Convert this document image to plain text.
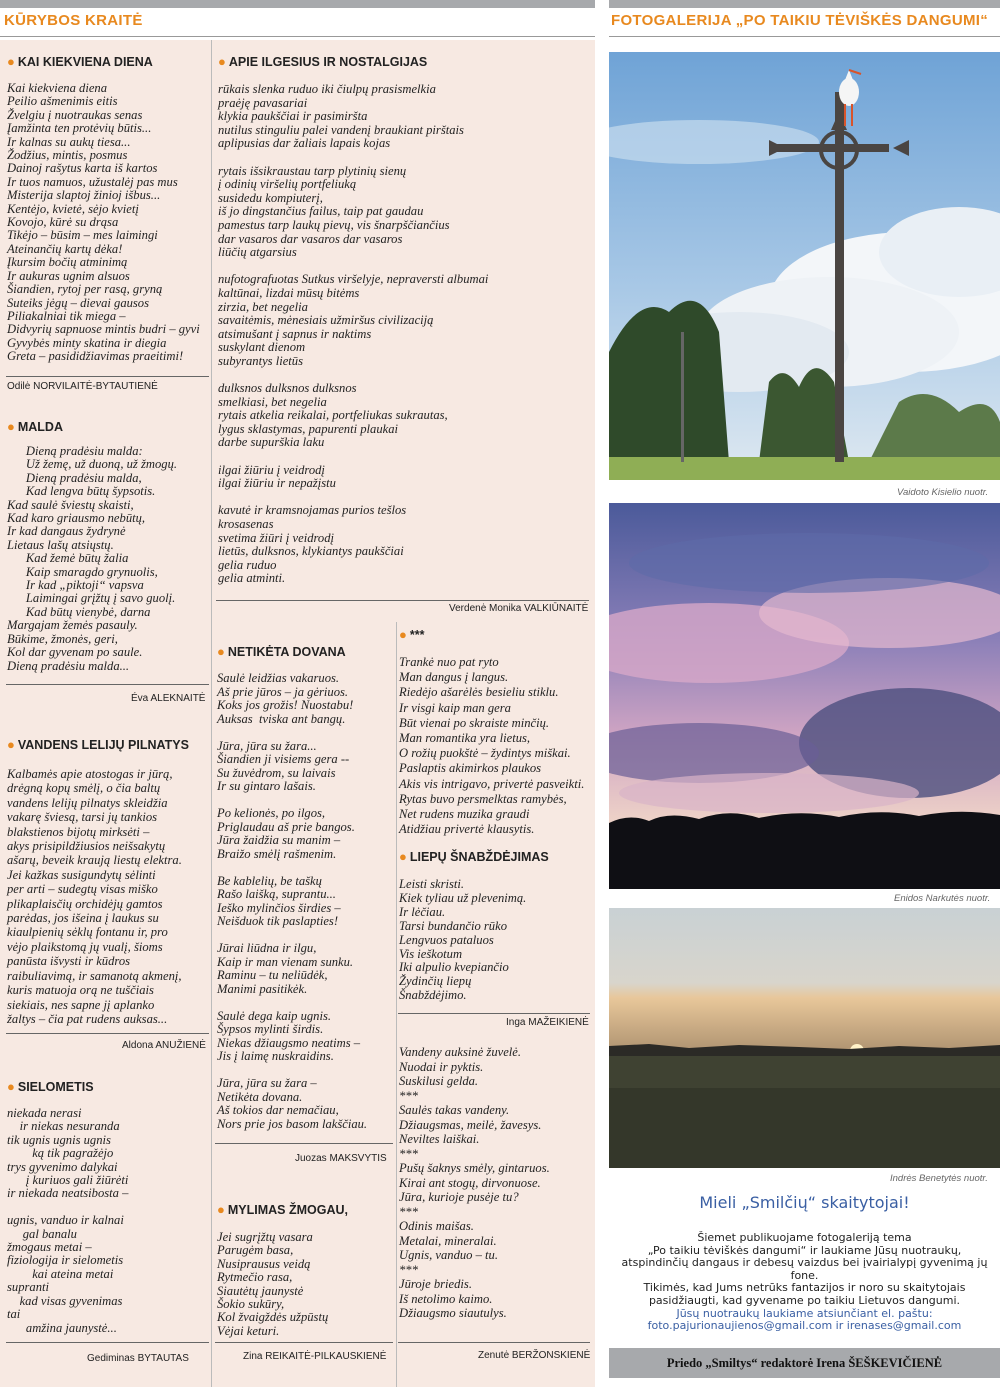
KŪRYBOS KRAITĖ	FOTOGALERIJA „PO TAIKIU TĖVIŠKĖS DANGUMI“
● KAI KIEKVIENA DIENA
Kai kiekviena diena
Peilio ašmenimis eitis
Žvelgiu į nuotraukas senas
Įamžinta ten protėvių būtis...
Ir kalnas su aukų tiesa...
Žodžius, mintis, posmus
Dainoj rašytus karta iš kartos
Ir tuos namuos, užustalėj pas mus
Misterija slaptoj žinioj išbus...
Kentėjo, kvietė, sėjo kvietį
Kovojo, kūrė su drąsa
Tikėjo – būsim – mes laimingi
Ateinančių kartų dėka!
Įkursim bočių atminimą
Ir aukuras ugnim alsuos
Šiandien, rytoj per rasą, gryną
Suteiks jėgų – dievai gausos
Piliakalniai tik miega –
Didvyrių sapnuose mintis budri – gyvi
Gyvybės minty skatina ir diegia
Greta – pasididžiavimas praeitimi!
Odilė NORVILAITĖ-BYTAUTIENĖ
● MALDA
Dieną pradėsiu malda:
Už žemę, už duoną, už žmogų.
Dieną pradėsiu malda,
Kad lengva būtų šypsotis.
Kad saulė šviestų skaisti,
Kad karo griausmo nebūtų,
Ir kad dangaus žydrynė
Lietaus lašų atsiųstų.
Kad žemė būtų žalia
Kaip smaragdo grynuolis,
Ir kad „piktoji“ vapsva
Laimingai grįžtų į savo guolį.
Kad būtų vienybė, darna
Margajam žemės pasauly.
Būkime, žmonės, geri,
Kol dar gyvenam po saule.
Dieną pradėsiu malda...
Éva ALEKNAITĖ
● VANDENS LELIJŲ PILNATYS
Kalbamės apie atostogas ir jūrą,
drėgną kopų smėlį, o čia baltų
vandens lelijų pilnatys skleidžia
vakarę šviesą, tarsi jų tankios
blakstienos bijotų mirksėti –
akys prisipildžiusios neišsakytų
ašarų, beveik kraują liestų elektra.
Jei kažkas susigundytų sėlinti
per arti – sudegtų visas miško
plikaplaisčių orchidėjų gamtos
parėdas, jos išeina į laukus su
kiaulpienių sėklų fontanu ir, pro
vėjo plaikstomą jų vualį, šioms
panūsta išvysti ir kūdros
raibuliavimą, ir samanotą akmenį,
kuris matuoja orą ne tuščiais
siekiais, nes sapne jį aplanko
žaltys – čia pat rudens auksas...
Aldona ANUŽIENĖ
● SIELOMETIS
niekada nerasi
ir niekas nesuranda
tik ugnis ugnis ugnis
ką tik pagražėjo
trys gyvenimo dalykai
į kuriuos gali žiūrėti
ir niekada neatsibosta –

ugnis, vanduo ir kalnai
gal banalu
žmogaus metai –
fiziologija ir sielometis
kai ateina metai
supranti
kad visas gyvenimas
tai
amžina jaunystė...
Gediminas BYTAUTAS
● APIE ILGESIUS IR NOSTALGIJAS
rūkais slenka ruduo iki čiulpų prasismelkia
praėję pavasariai
klykia paukščiai ir pasimiršta
nutilus stinguliu palei vandenį braukiant pirštais
aplipusias dar žaliais lapais kojas

rytais išsikraustau tarp plytinių sienų
į odinių viršelių portfeliuką
susidedu kompiuterį,
iš jo dingstančius failus, taip pat gaudau
pamestus tarp laukų pievų, vis šnarpščiančius
dar vasaros dar vasaros dar vasaros
liūčių atgarsius

nufotografuotas Sutkus viršelyje, nepraversti albumai
kaltūnai, lizdai mūsų bitėms
zirzia, bet negelia
savaitėmis, mėnesiais užmiršus civilizaciją
atsimušant į sapnus ir naktims
suskylant dienom
subyrantys lietūs

dulksnos dulksnos dulksnos
smelkiasi, bet negelia
rytais atkelia reikalai, portfeliukas sukrautas,
lygus sklastymas, papurenti plaukai
darbe supurškia laku

ilgai žiūriu į veidrodį
ilgai žiūriu ir nepažįstu

kavutė ir kramsnojamas purios tešlos
krosasenas
svetima žiūri į veidrodį
lietūs, dulksnos, klykiantys paukščiai
gelia ruduo
gelia atminti.
Verdenė Monika VALKIŪNAITĖ
● NETIKĖTA DOVANA
Saulė leidžias vakaruos.
Aš prie jūros – ja gėriuos.
Koks jos grožis! Nuostabu!
Auksas  tviska ant bangų.

Jūra, jūra su žara...
Šiandien ji visiems gera --
Su žuvėdrom, su laivais
Ir su gintaro lašais.

Po kelionės, po ilgos,
Priglaudau aš prie bangos.
Jūra žaidžia su manim –
Braižo smėlį rašmenim.

Be kablelių, be taškų
Rašo laišką, suprantu...
Ieško mylinčios širdies –
Neišduok tik paslapties!

Jūrai liūdna ir ilgu,
Kaip ir man vienam sunku.
Raminu – tu neliūdėk,
Manimi pasitikėk.

Saulė dega kaip ugnis.
Šypsos mylinti širdis.
Niekas džiaugsmo neatims –
Jis į laimę nuskraidins.

Jūra, jūra su žara –
Netikėta dovana.
Aš tokios dar nemačiau,
Nors prie jos basom lakščiau.
Juozas MAKSVYTIS
● MYLIMAS ŽMOGAU,
Jei sugrįžtų vasara
Parugėm basa,
Nusiprausus veidą
Rytmečio rasa,
Siautėtų jaunystė
Šokio sukūry,
Kol žvaigždės užpūstų
Vėjai keturi.
Zina REIKAITĖ-PILKAUSKIENĖ
● ***
Trankė nuo pat ryto
Man dangus į langus.
Riedėjo ašarėlės besieliu stiklu.
Ir visgi kaip man gera
Būt vienai po skraiste minčių.
Man romantika yra lietus,
O rožių puokštė – žydintys miškai.
Paslaptis akimirkos plaukos
Akis vis intrigavo, privertė pasveikti.
Rytas buvo persmelktas ramybės,
Net rudens muzika graudi
Atidžiau privertė klausytis.
● LIEPŲ ŠNABŽDĖJIMAS
Leisti skristi.
Kiek tyliau už plevenimą.
Ir lėčiau.
Tarsi bundančio rūko
Lengvuos pataluos
Vis ieškotum
Iki alpulio kvepiančio
Žydinčių liepų
Šnabždėjimo.
Inga MAŽEIKIENĖ
Vandeny auksinė žuvelė.
Nuodai ir pyktis.
Suskilusi gelda.
***
Saulės takas vandeny.
Džiaugsmas, meilė, žavesys.
Neviltes laiškai.
***
Pušų šaknys smėly, gintaruos.
Kirai ant stogų, dirvonuose.
Jūra, kurioje pusėje tu?
***
Odinis maišas.
Metalai, mineralai.
Ugnis, vanduo – tu.
***
Jūroje briedis.
Iš netolimo kaimo.
Džiaugsmo siautulys.
Zenutė BERŽONSKIENĖ
Vaidoto Kisielio nuotr.
Enidos Narkutės nuotr.
Indrės Benetytės nuotr.
Mieli „Smilčių“ skaitytojai!
Šiemet publikuojame fotogaleriją tema
„Po taikiu tėviškės dangumi“ ir laukiame Jūsų nuotraukų,
atspindinčių dangaus ir debesų vaizdus bei įvairialypį gyvenimą jų fone.
Tikimės, kad Jums netrūks fantazijos ir noro su skaitytojais
pasidžiaugti, kad gyvename po taikiu Lietuvos dangumi.
Jūsų nuotraukų laukiame atsiunčiant el. paštu:
foto.pajurionaujienos@gmail.com ir irenases@gmail.com
Priedo „Smiltys“ redaktorė Irena ŠEŠKEVIČIENĖ
